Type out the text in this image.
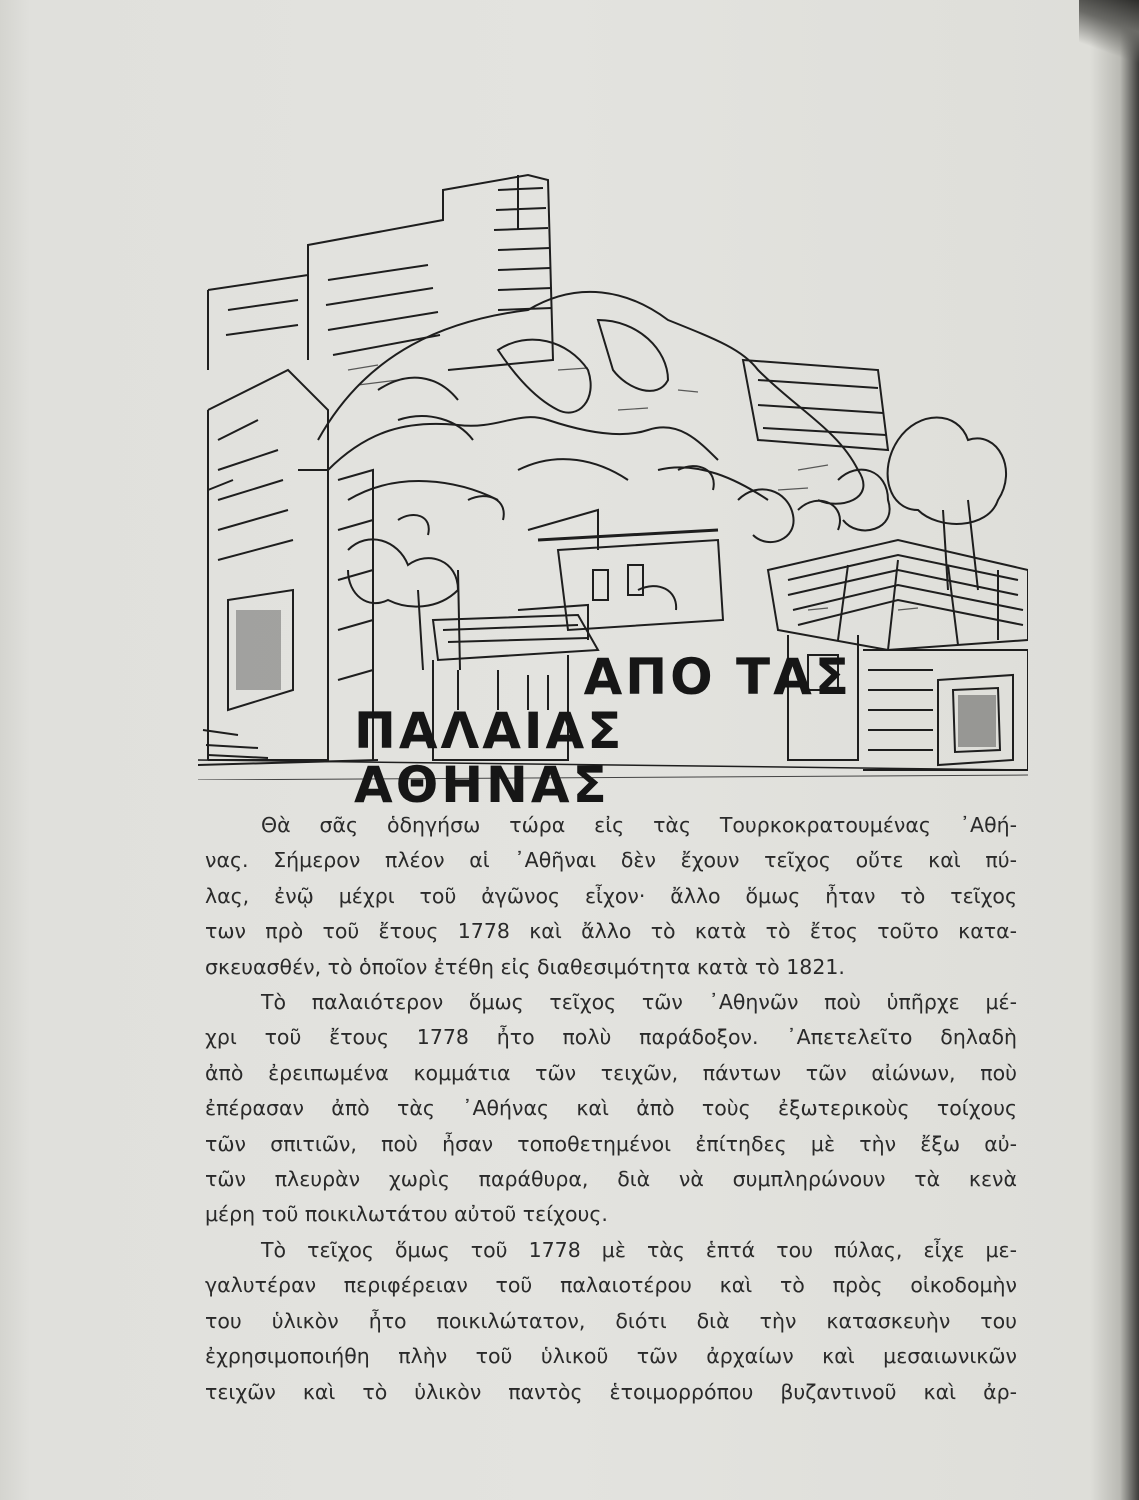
ΑΠΟ ΤΑΣ
ΠΑΛΑΙΑΣ ΑΘΗΝΑΣ

Θὰ σᾶς ὁδηγήσω τώρα εἰς τὰς Τουρκοκρατουμένας ᾿Αθή-

νας. Σήμερον πλέον αἱ ᾿Αθῆναι δὲν ἔχουν τεῖχος οὔτε καὶ πύ-

λας, ἐνῷ μέχρι τοῦ ἀγῶνος εἶχον· ἄλλο ὅμως ἦταν τὸ τεῖχος

των πρὸ τοῦ ἔτους 1778 καὶ ἄλλο τὸ κατὰ τὸ ἔτος τοῦτο κατα-

σκευασθέν, τὸ ὁποῖον ἐτέθη εἰς διαθεσιμότητα κατὰ τὸ 1821.

Τὸ παλαιότερον ὅμως τεῖχος τῶν ᾿Αθηνῶν ποὺ ὑπῆρχε μέ-

χρι τοῦ ἔτους 1778 ἦτο πολὺ παράδοξον. ᾿Απετελεῖτο δηλαδὴ

ἀπὸ ἐρειπωμένα κομμάτια τῶν τειχῶν, πάντων τῶν αἰώνων, ποὺ

ἐπέρασαν ἀπὸ τὰς ᾿Αθήνας καὶ ἀπὸ τοὺς ἐξωτερικοὺς τοίχους

τῶν σπιτιῶν, ποὺ ἦσαν τοποθετημένοι ἐπίτηδες μὲ τὴν ἔξω αὐ-

τῶν πλευρὰν χωρὶς παράθυρα, διὰ νὰ συμπληρώνουν τὰ κενὰ

μέρη τοῦ ποικιλωτάτου αὐτοῦ τείχους.

Τὸ τεῖχος ὅμως τοῦ 1778 μὲ τὰς ἑπτά του πύλας, εἶχε με-

γαλυτέραν περιφέρειαν τοῦ παλαιοτέρου καὶ τὸ πρὸς οἰκοδομὴν

του ὑλικὸν ἦτο ποικιλώτατον, διότι διὰ τὴν κατασκευὴν του

ἐχρησιμοποιήθη πλὴν τοῦ ὑλικοῦ τῶν ἀρχαίων καὶ μεσαιωνικῶν

τειχῶν καὶ τὸ ὑλικὸν παντὸς ἑτοιμορρόπου βυζαντινοῦ καὶ ἀρ-
